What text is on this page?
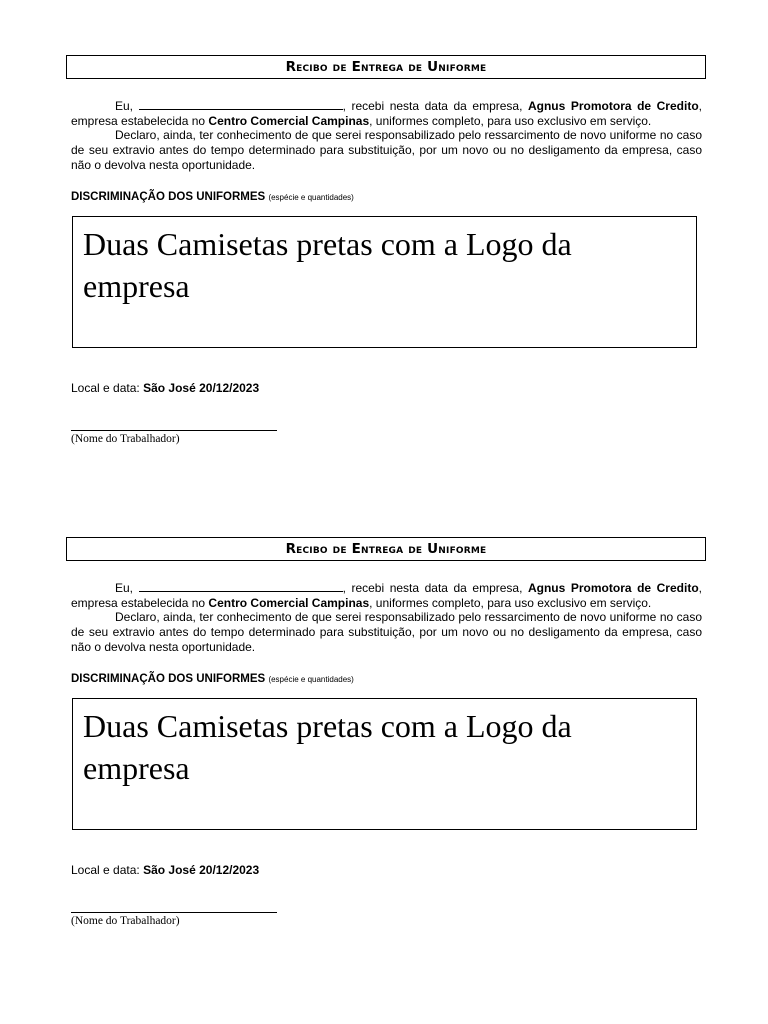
Recibo de Entrega de Uniforme

Eu,	, recebi nesta data da empresa, Agnus Promotora de Credito, empresa estabelecida no Centro Comercial Campinas, uniformes completo, para uso exclusivo em serviço.

Declaro, ainda, ter conhecimento de que serei responsabilizado pelo ressarcimento de novo uniforme no caso de seu extravio antes do tempo determinado para substituição, por um novo ou no desligamento da empresa, caso não o devolva nesta oportunidade.

DISCRIMINAÇÃO DOS UNIFORMES (espécie e quantidades)
Duas Camisetas pretas com a Logo da empresa
Local e data: São José 20/12/2023
(Nome do Trabalhador)
Recibo de Entrega de Uniforme

Eu,	, recebi nesta data da empresa, Agnus Promotora de Credito, empresa estabelecida no Centro Comercial Campinas, uniformes completo, para uso exclusivo em serviço.

Declaro, ainda, ter conhecimento de que serei responsabilizado pelo ressarcimento de novo uniforme no caso de seu extravio antes do tempo determinado para substituição, por um novo ou no desligamento da empresa, caso não o devolva nesta oportunidade.

DISCRIMINAÇÃO DOS UNIFORMES (espécie e quantidades)
Duas Camisetas pretas com a Logo da empresa
Local e data: São José 20/12/2023
(Nome do Trabalhador)
